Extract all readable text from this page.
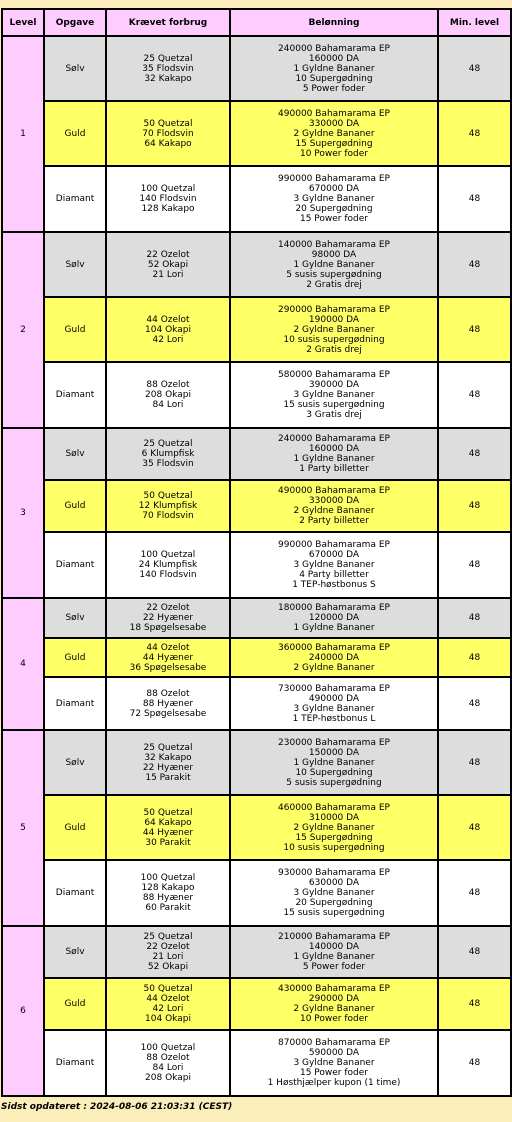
Level	Opgave	Krævet forbrug	Belønning	Min. level
1	Sølv	25 Quetzal
35 Flodsvin
32 Kakapo	240000 Bahamarama EP
160000 DA
1 Gyldne Bananer
10 Supergødning
5 Power foder	48
	Guld	50 Quetzal
70 Flodsvin
64 Kakapo	490000 Bahamarama EP
330000 DA
2 Gyldne Bananer
15 Supergødning
10 Power foder	48
	Diamant	100 Quetzal
140 Flodsvin
128 Kakapo	990000 Bahamarama EP
670000 DA
3 Gyldne Bananer
20 Supergødning
15 Power foder	48
2	Sølv	22 Ozelot
52 Okapi
21 Lori	140000 Bahamarama EP
98000 DA
1 Gyldne Bananer
5 susis supergødning
2 Gratis drej	48
	Guld	44 Ozelot
104 Okapi
42 Lori	290000 Bahamarama EP
190000 DA
2 Gyldne Bananer
10 susis supergødning
2 Gratis drej	48
	Diamant	88 Ozelot
208 Okapi
84 Lori	580000 Bahamarama EP
390000 DA
3 Gyldne Bananer
15 susis supergødning
3 Gratis drej	48
3	Sølv	25 Quetzal
6 Klumpfisk
35 Flodsvin	240000 Bahamarama EP
160000 DA
1 Gyldne Bananer
1 Party billetter	48
	Guld	50 Quetzal
12 Klumpfisk
70 Flodsvin	490000 Bahamarama EP
330000 DA
2 Gyldne Bananer
2 Party billetter	48
	Diamant	100 Quetzal
24 Klumpfisk
140 Flodsvin	990000 Bahamarama EP
670000 DA
3 Gyldne Bananer
4 Party billetter
1 TEP-høstbonus S	48
4	Sølv	22 Ozelot
22 Hyæner
18 Spøgelsesabe	180000 Bahamarama EP
120000 DA
1 Gyldne Bananer	48
	Guld	44 Ozelot
44 Hyæner
36 Spøgelsesabe	360000 Bahamarama EP
240000 DA
2 Gyldne Bananer	48
	Diamant	88 Ozelot
88 Hyæner
72 Spøgelsesabe	730000 Bahamarama EP
490000 DA
3 Gyldne Bananer
1 TEP-høstbonus L	48
5	Sølv	25 Quetzal
32 Kakapo
22 Hyæner
15 Parakit	230000 Bahamarama EP
150000 DA
1 Gyldne Bananer
10 Supergødning
5 susis supergødning	48
	Guld	50 Quetzal
64 Kakapo
44 Hyæner
30 Parakit	460000 Bahamarama EP
310000 DA
2 Gyldne Bananer
15 Supergødning
10 susis supergødning	48
	Diamant	100 Quetzal
128 Kakapo
88 Hyæner
60 Parakit	930000 Bahamarama EP
630000 DA
3 Gyldne Bananer
20 Supergødning
15 susis supergødning	48
6	Sølv	25 Quetzal
22 Ozelot
21 Lori
52 Okapi	210000 Bahamarama EP
140000 DA
1 Gyldne Bananer
5 Power foder	48
	Guld	50 Quetzal
44 Ozelot
42 Lori
104 Okapi	430000 Bahamarama EP
290000 DA
2 Gyldne Bananer
10 Power foder	48
	Diamant	100 Quetzal
88 Ozelot
84 Lori
208 Okapi	870000 Bahamarama EP
590000 DA
3 Gyldne Bananer
15 Power foder
1 Høsthjælper kupon (1 time)	48
Sidst opdateret : 2024-08-06 21:03:31 (CEST)
